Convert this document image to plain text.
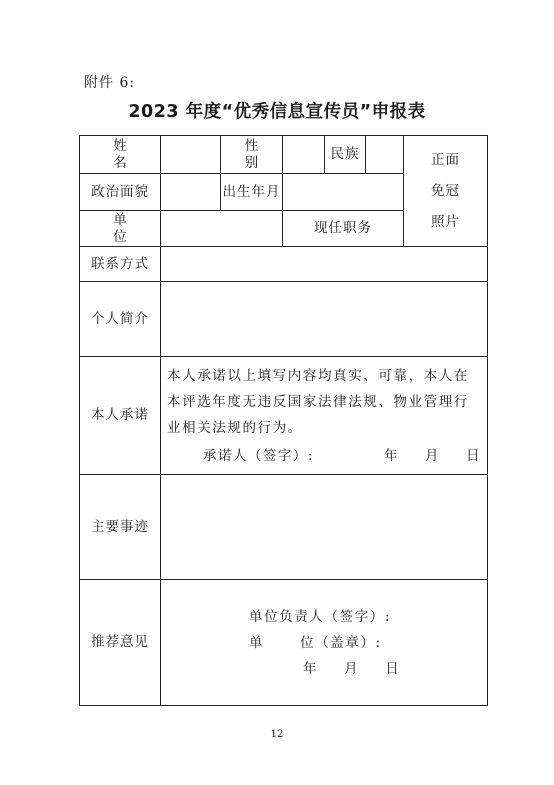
附件 6:
2023 年度“优秀信息宣传员”申报表
姓名		性别		民族		正面
免冠
照片

政治面貌		出生年月				
单位			现任职务			
联系方式						
个人简介						
本人承诺	本人承诺以上填写内容均真实、可靠，本人在本评选年度无违反国家法律法规、物业管理行业相关法规的行为。
承诺人（签字）: 年 月 日					

主要事迹						
推荐意见	单位负责人（签字）:
单 位（盖章）:
年 月 日					
12
